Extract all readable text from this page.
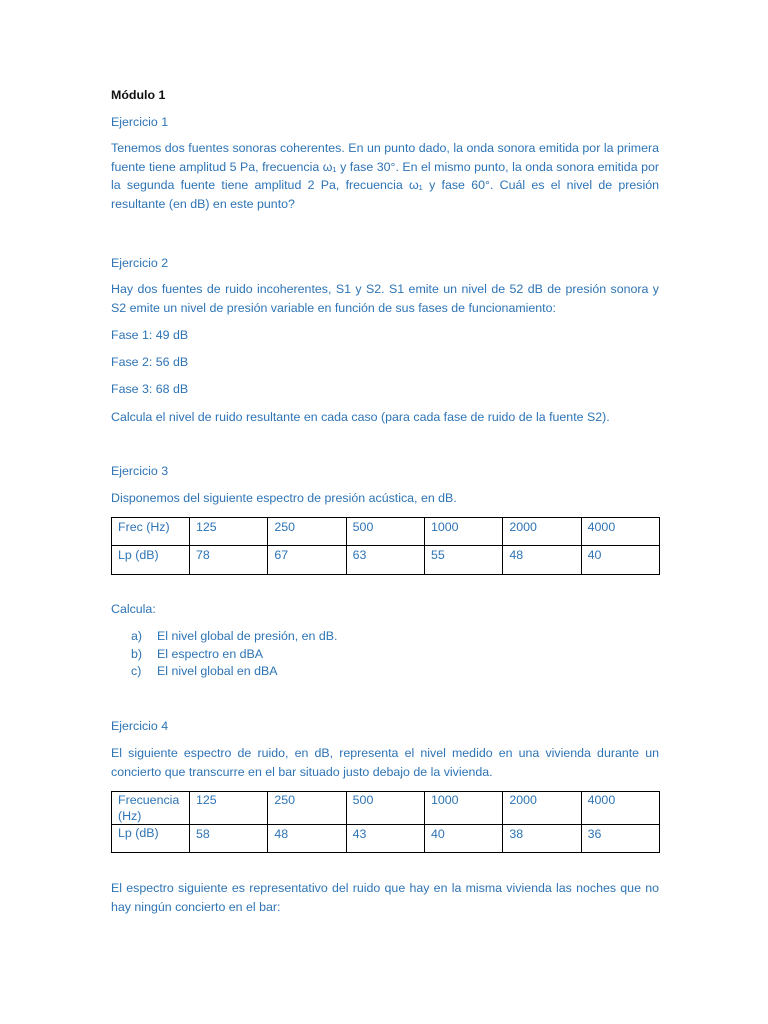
Módulo 1
Ejercicio 1

Tenemos dos fuentes sonoras coherentes. En un punto dado, la onda sonora emitida por la primera fuente tiene amplitud 5 Pa, frecuencia ω₁ y fase 30°. En el mismo punto, la onda sonora emitida por la segunda fuente tiene amplitud 2 Pa, frecuencia ω₁ y fase 60°. Cuál es el nivel de presión resultante (en dB) en este punto?

Ejercicio 2

Hay dos fuentes de ruido incoherentes, S1 y S2. S1 emite un nivel de 52 dB de presión sonora y S2 emite un nivel de presión variable en función de sus fases de funcionamiento:

Fase 1: 49 dB
Fase 2: 56 dB
Fase 3: 68 dB
Calcula el nivel de ruido resultante en cada caso (para cada fase de ruido de la fuente S2).
Ejercicio 3
Disponemos del siguiente espectro de presión acústica, en dB.
Frec (Hz)	125	250	500	1000	2000	4000
Lp (dB)	78	67	63	55	48	40
Calcula:
a) El nivel global de presión, en dB.
b) El espectro en dBA
c) El nivel global en dBA
Ejercicio 4

El siguiente espectro de ruido, en dB, representa el nivel medido en una vivienda durante un concierto que transcurre en el bar situado justo debajo de la vivienda.

Frecuencia (Hz)	125	250	500	1000	2000	4000
Lp (dB)	58	48	43	40	38	36

El espectro siguiente es representativo del ruido que hay en la misma vivienda las noches que no hay ningún concierto en el bar:
